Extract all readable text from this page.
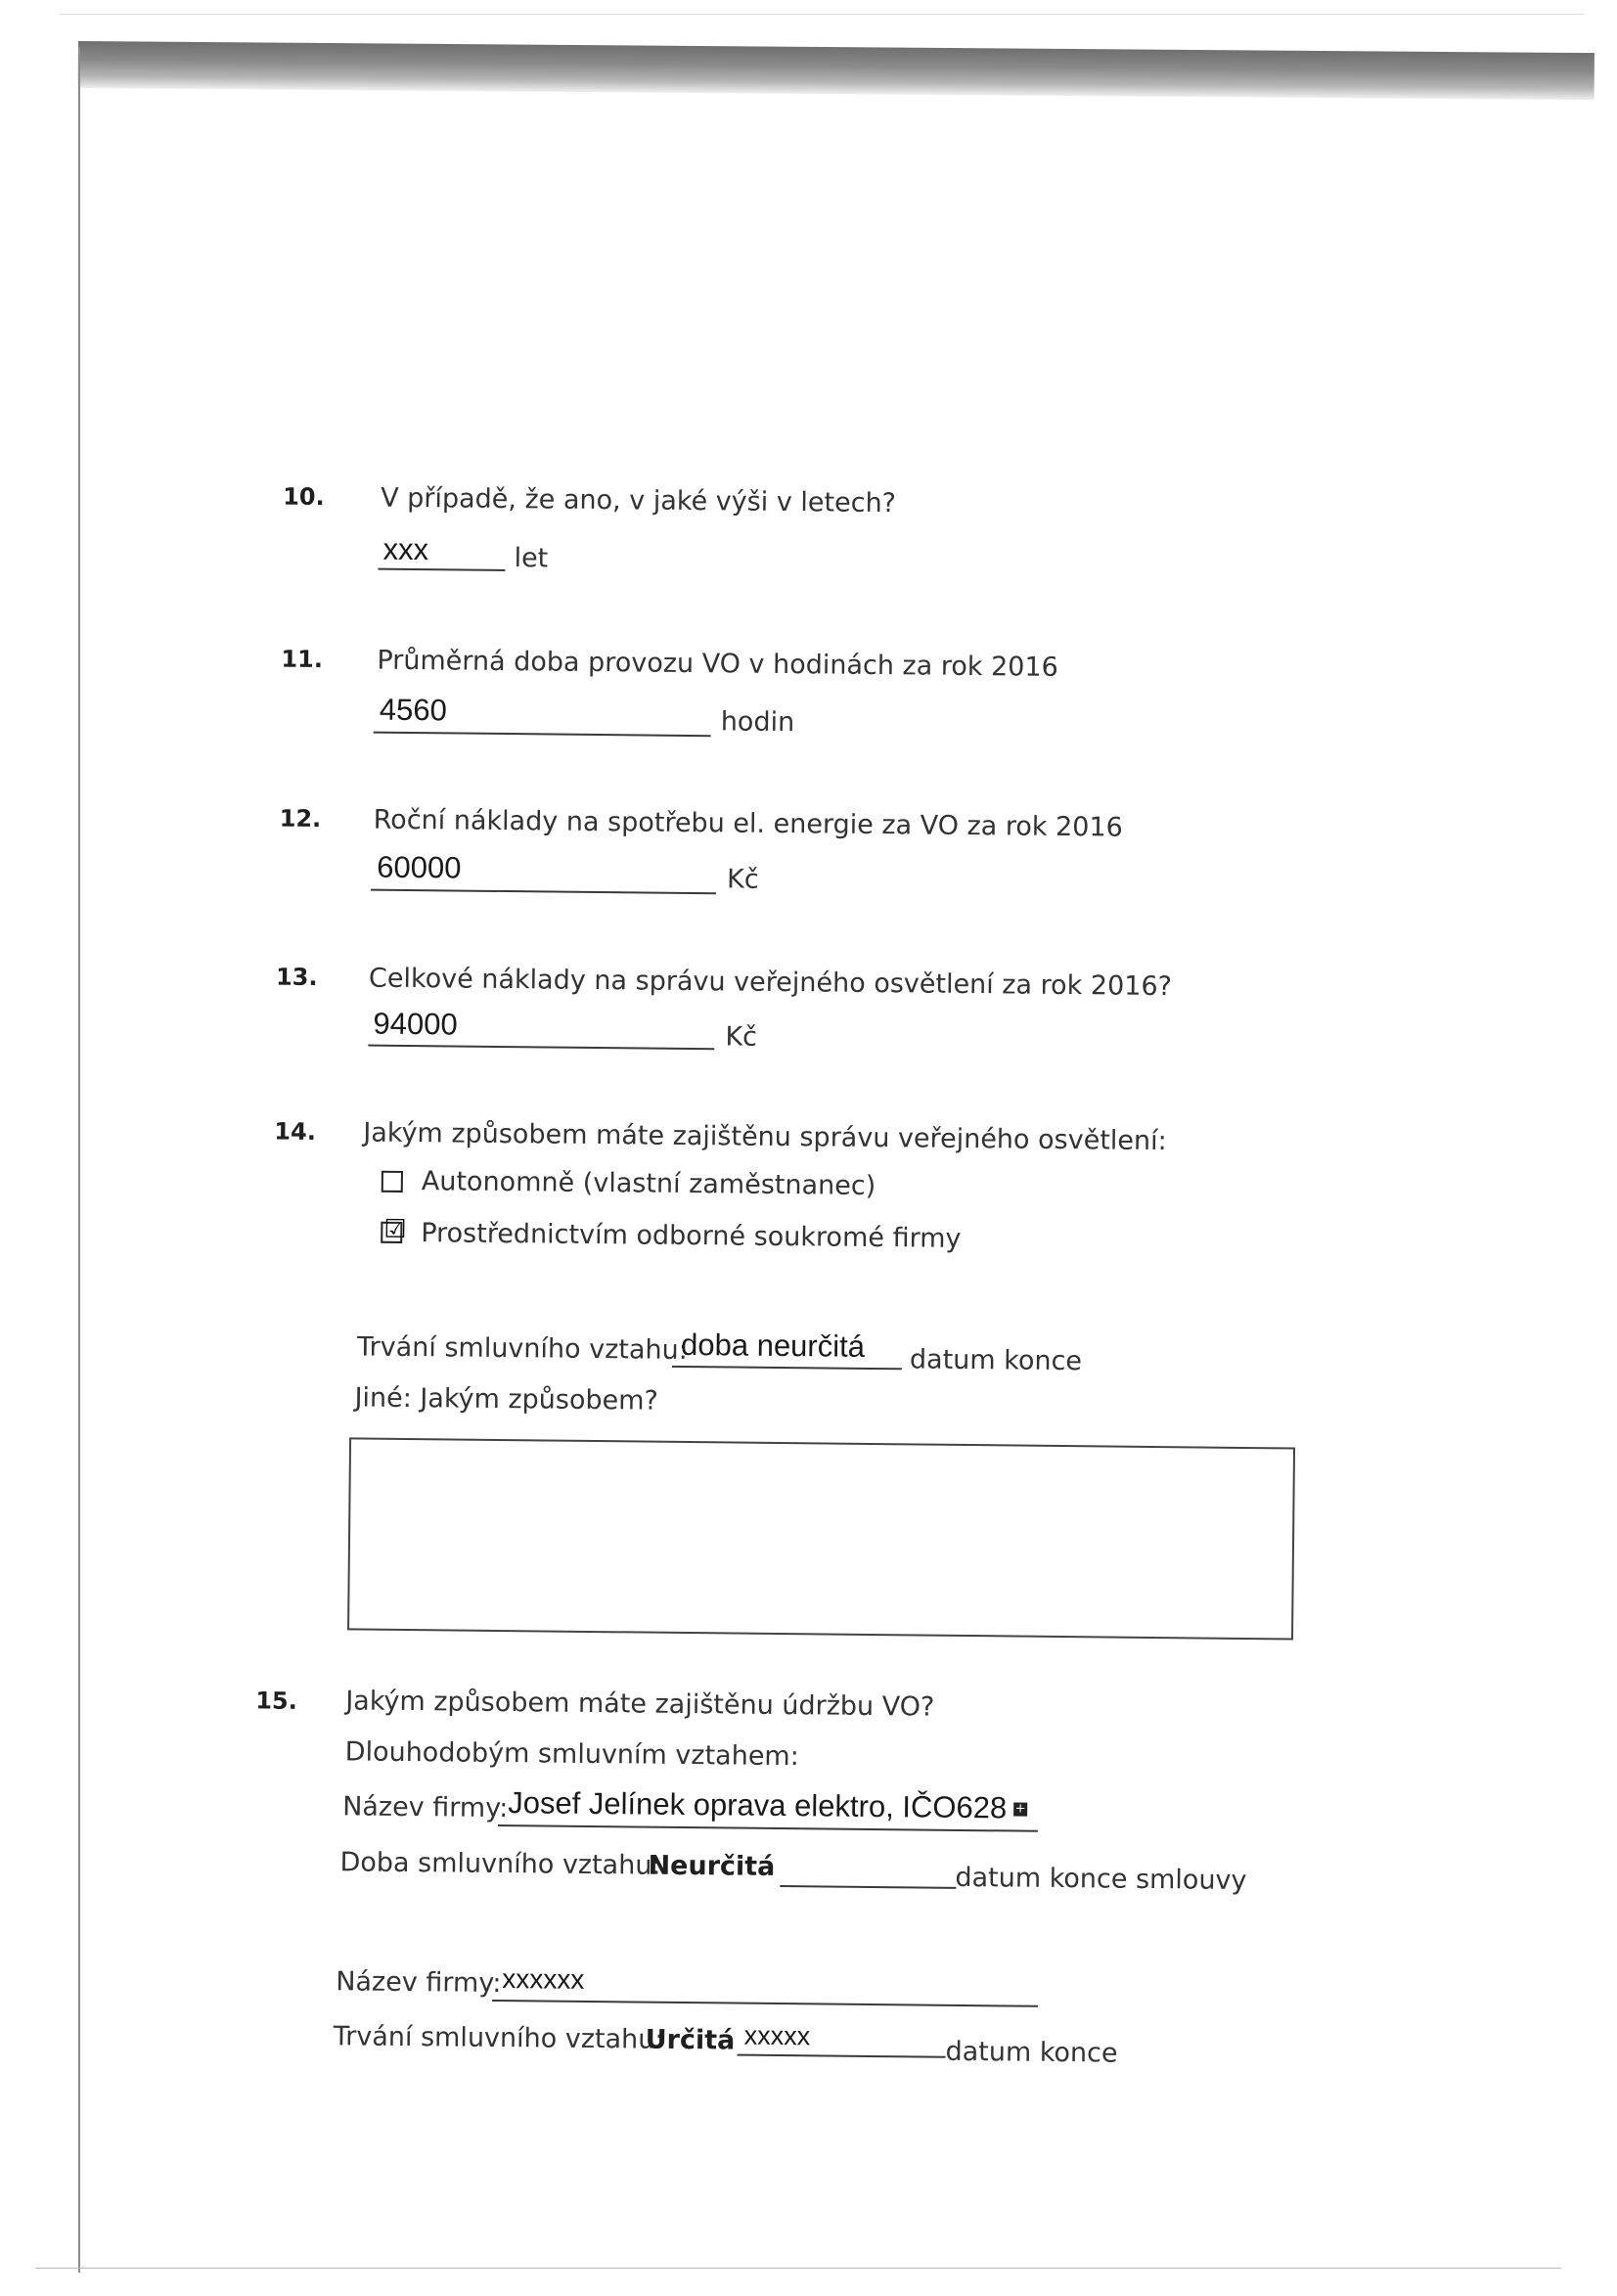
10. V případě, že ano, v jaké výši v letech?
xxx	let
11. Průměrná doba provozu VO v hodinách za rok 2016
4560	hodin
12. Roční náklady na spotřebu el. energie za VO za rok 2016
60000	Kč
13. Celkové náklady na správu veřejného osvětlení za rok 2016?
94000	Kč
14. Jakým způsobem máte zajištěnu správu veřejného osvětlení:
Autonomně (vlastní zaměstnanec)
☑ Prostřednictvím odborné soukromé firmy
Trvání smluvního vztahu:
doba neurčitá datum konce
Jiné: Jakým způsobem?
15. Jakým způsobem máte zajištěnu údržbu VO?
Dlouhodobým smluvním vztahem:
Název firmy: Josef Jelínek oprava elektro, IČO628 +
Doba smluvního vztahu:
Neurčitá	datum konce smlouvy
Název firmy: xxxxxx
Trvání smluvního vztahu:
Určitá xxxxx
datum konce
